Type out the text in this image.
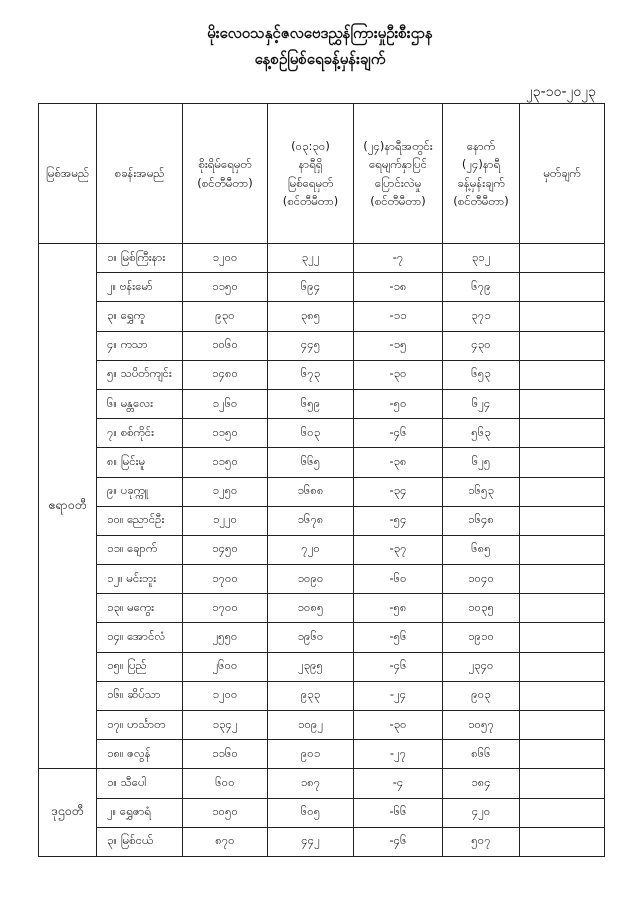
မိုးလေဝသနှင့်ဇလဗေဒညွှန်ကြားမှုဦးစီးဌာန
နေ့စဉ်မြစ်ရေခန့်မှန်းချက်
၂၃-၁၀-၂၀၂၃
မြစ်အမည်	စခန်းအမည်	စိုးရိမ်ရေမှတ်
(စင်တီမီတာ)	(၀၃:၃၀)
နာရီရှိ
မြစ်ရေမှတ်
(စင်တီမီတာ)	(၂၄)နာရီအတွင်း
ရေမျက်နှာပြင်
ပြောင်းလဲမှု
(စင်တီမီတာ)	နောက်
(၂၄)နာရီ
ခန့်မှန်းချက်
(စင်တီမီတာ)	မှတ်ချက်

ဧရာဝတီ	၁။ မြစ်ကြီးနား	၁၂၀၀	၃၂၂	-၇	၃၁၂	
	၂။ ဗန်းမော်	၁၁၅၀	၆၉၄	-၁၈	၆၇၉	
	၃။ ရွှေကူ	၉၃၀	၃၈၅	-၁၁	၃၇၁	
	၄။ ကသာ	၁၀၆၀	၄၄၅	-၁၅	၄၃၀	
	၅။ သပိတ်ကျင်း	၁၄၈၀	၆၇၃	-၃၀	၆၅၃	
	၆။ မန္တလေး	၁၂၆၀	၆၅၉	-၅၀	၆၂၄	
	၇။ စစ်ကိုင်း	၁၁၅၀	၆၀၃	-၄၆	၅၆၃	
	၈။ မြင်းမူ	၁၁၅၀	၆၆၅	-၃၈	၆၂၅	
	၉။ ပခုက္ကူ	၁၂၅၀	၁၆၈၈	-၃၄	၁၆၅၃	
	၁၀။ ညောင်ဦး	၁၂၂၀	၁၆၇၈	-၅၄	၁၆၄၈	
	၁၁။ ချောက်	၁၄၅၀	၇၂၀	-၃၇	၆၈၅	
	၁၂။ မင်းဘူး	၁၇၀၀	၁၀၉၀	-၆၀	၁၀၄၀	
	၁၃။ မကွေး	၁၇၀၀	၁၀၈၅	-၅၈	၁၀၃၅	
	၁၄။ အောင်လံ	၂၅၅၀	၁၉၆၀	-၅၆	၁၉၁၀	
	၁၅။ ပြည်	၂၆၀၀	၂၃၉၅	-၄၆	၂၃၄၀	
	၁၆။ ဆိပ်သာ	၁၂၀၀	၉၃၃	-၂၄	၉၀၃	
	၁၇။ ဟင်္သာတ	၁၃၄၂	၁၀၉၂	-၃၀	၁၀၅၇	
	၁၈။ ဇလွန်	၁၁၆၀	၉၀၁	-၂၇	၈၆၆	
ဒုဌဝတီ	၁။ သီပေါ	၆၀၀	၁၈၇	-၄	၁၈၄	
	၂။ ရွှေဇာရံ	၁၀၅၀	၆၀၅	-၆၆	၄၂၀	
	၃။ မြစ်ငယ်	၈၇၀	၄၄၂	-၄၆	၅၀၇	
